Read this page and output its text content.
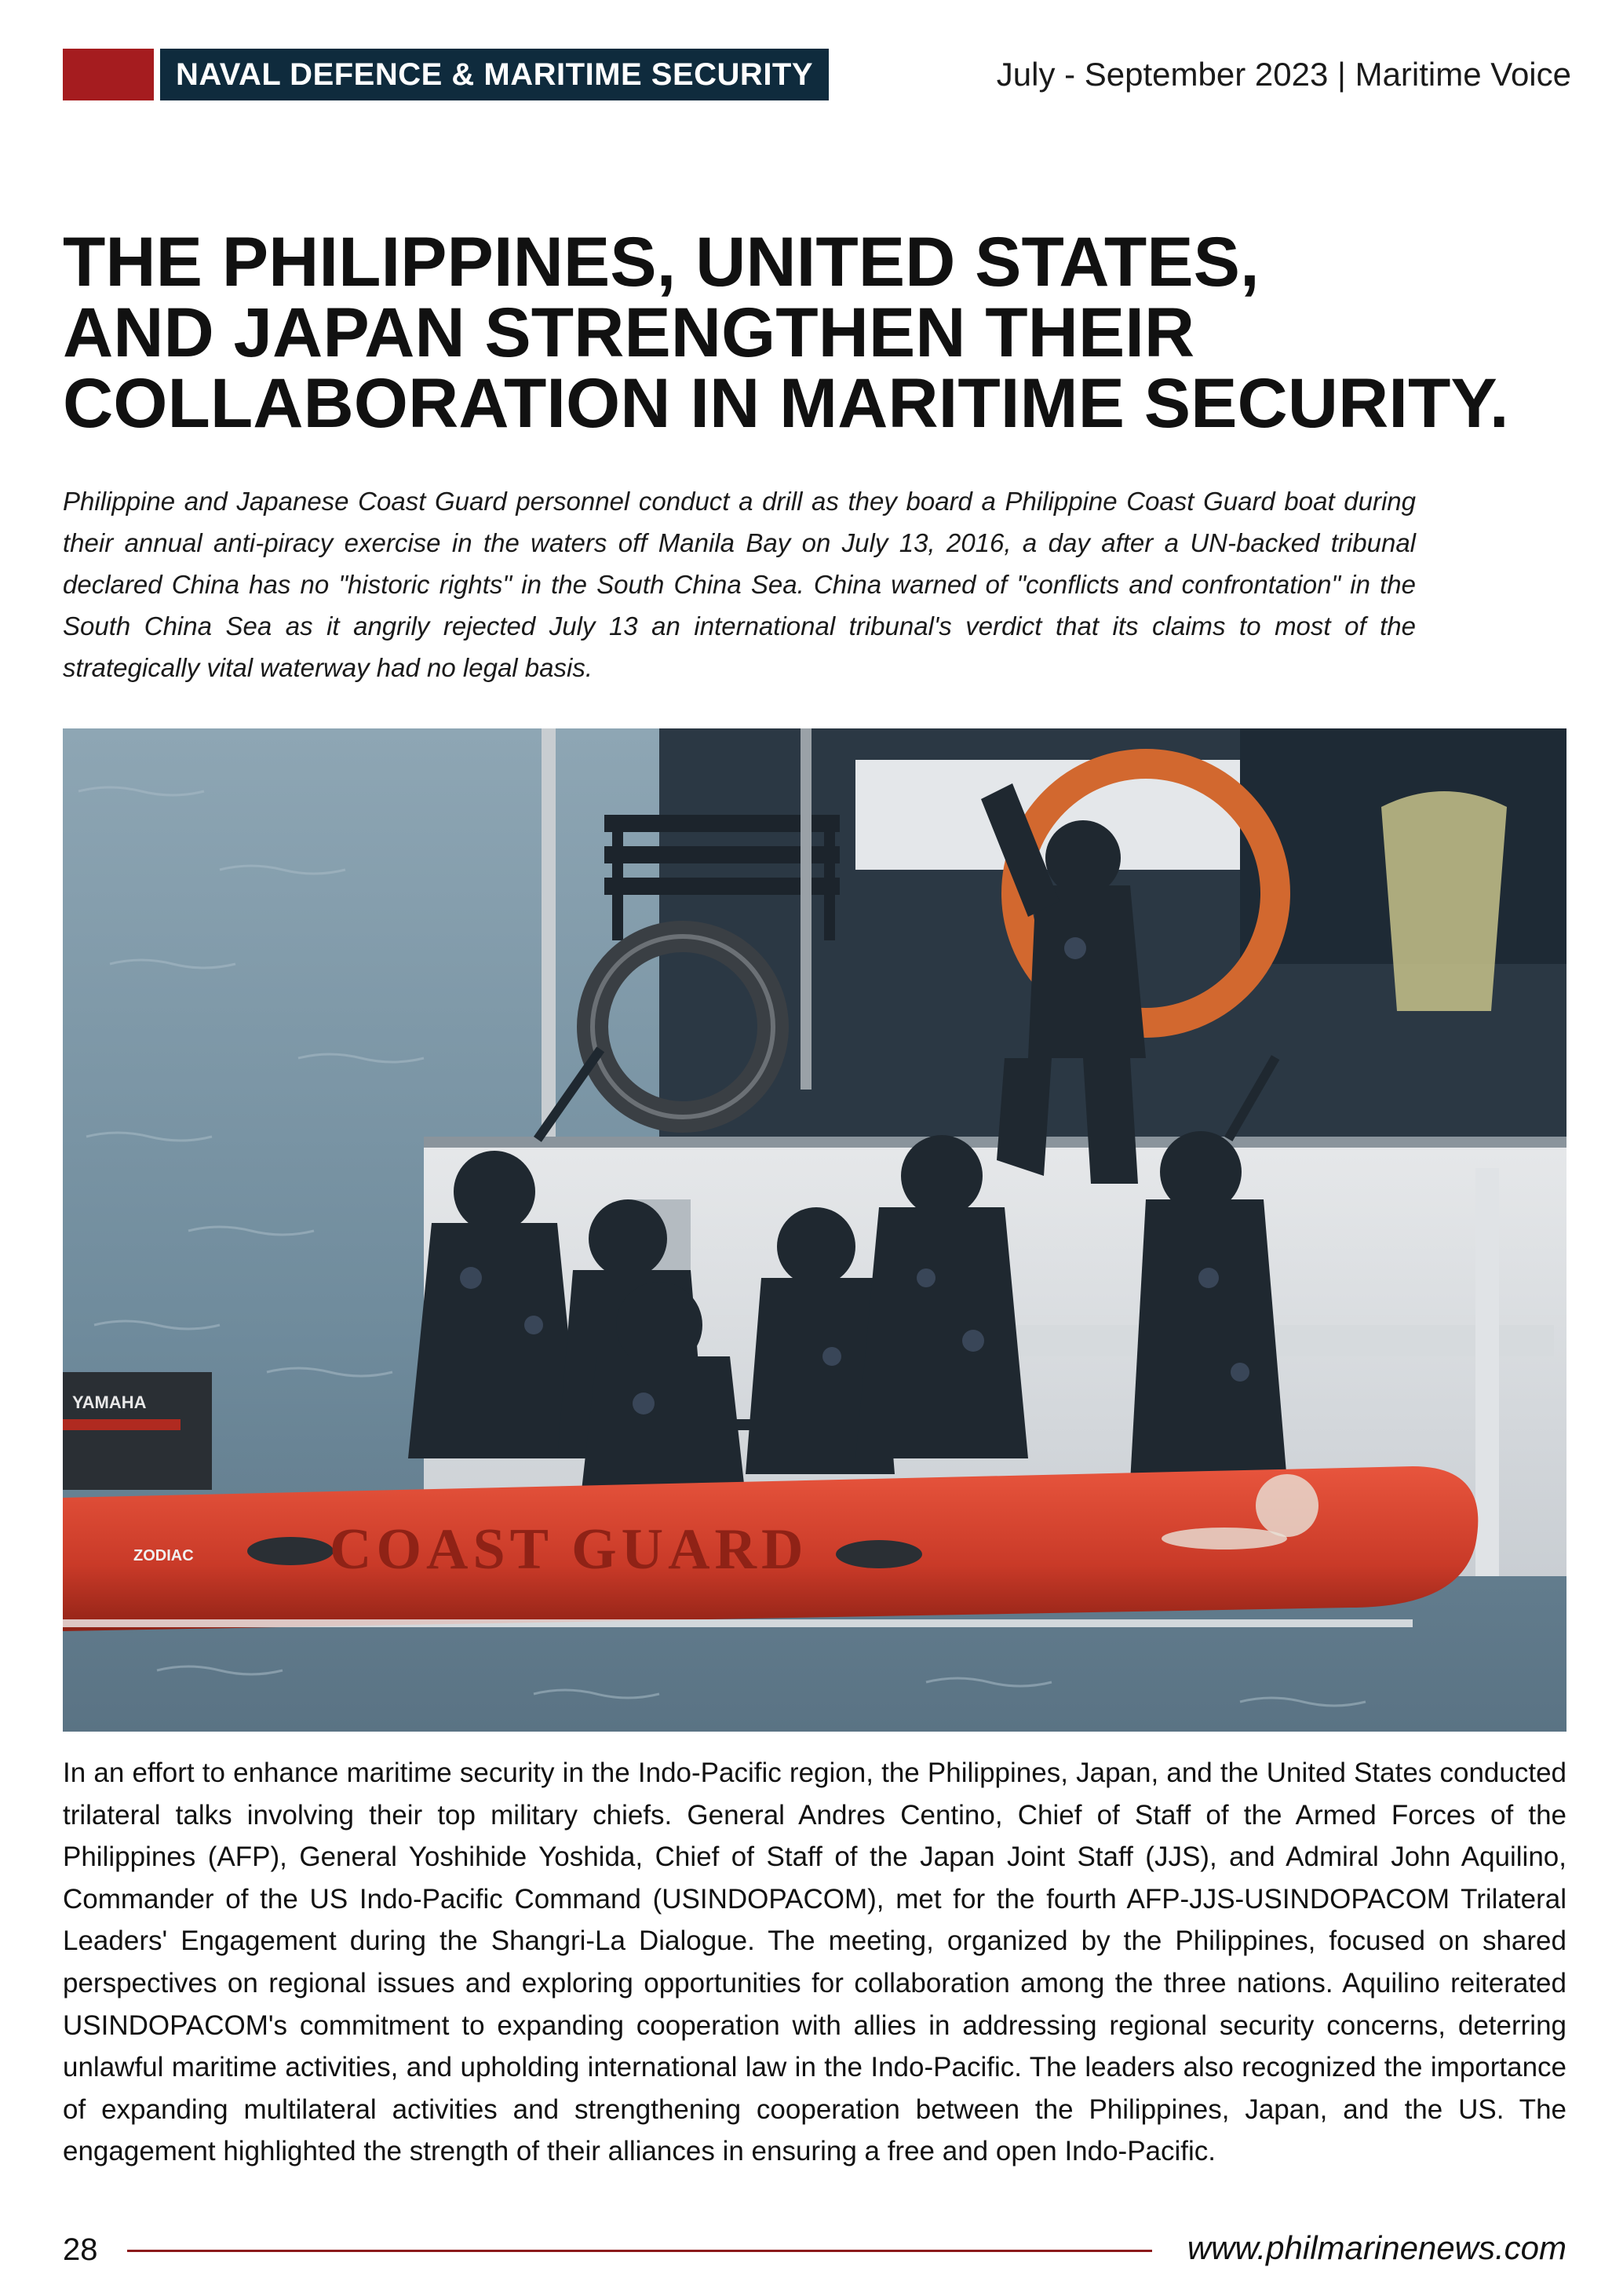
NAVAL DEFENCE & MARITIME SECURITY	July - September 2023 | Maritime Voice
THE PHILIPPINES, UNITED STATES,
AND JAPAN STRENGTHEN THEIR
COLLABORATION IN MARITIME SECURITY.

Philippine and Japanese Coast Guard personnel conduct a drill as they board a Philippine Coast Guard boat during their annual anti-piracy exercise in the waters off Manila Bay on July 13, 2016, a day after a UN-backed tribunal declared China has no "historic rights" in the South China Sea. China warned of "conflicts and confrontation" in the South China Sea as it angrily rejected July 13 an international tribunal's verdict that its claims to most of the strategically vital waterway had no legal basis.

YAMAHA
COAST GUARD
ZODIAC

In an effort to enhance maritime security in the Indo-Pacific region, the Philippines, Japan, and the United States conducted trilateral talks involving their top military chiefs. General Andres Centino, Chief of Staff of the Armed Forces of the Philippines (AFP), General Yoshihide Yoshida, Chief of Staff of the Japan Joint Staff (JJS), and Admiral John Aquilino, Commander of the US Indo-Pacific Command (USINDOPACOM), met for the fourth AFP-JJS-USINDOPACOM Trilateral Leaders' Engagement during the Shangri-La Dialogue. The meeting, organized by the Philippines, focused on shared perspectives on regional issues and exploring opportunities for collaboration among the three nations. Aquilino reiterated USINDOPACOM's commitment to expanding cooperation with allies in addressing regional security concerns, deterring unlawful maritime activities, and upholding international law in the Indo-Pacific. The leaders also recognized the importance of expanding multilateral activities and strengthening cooperation between the Philippines, Japan, and the US. The engagement highlighted the strength of their alliances in ensuring a free and open Indo-Pacific.

28	www.philmarinenews.com
